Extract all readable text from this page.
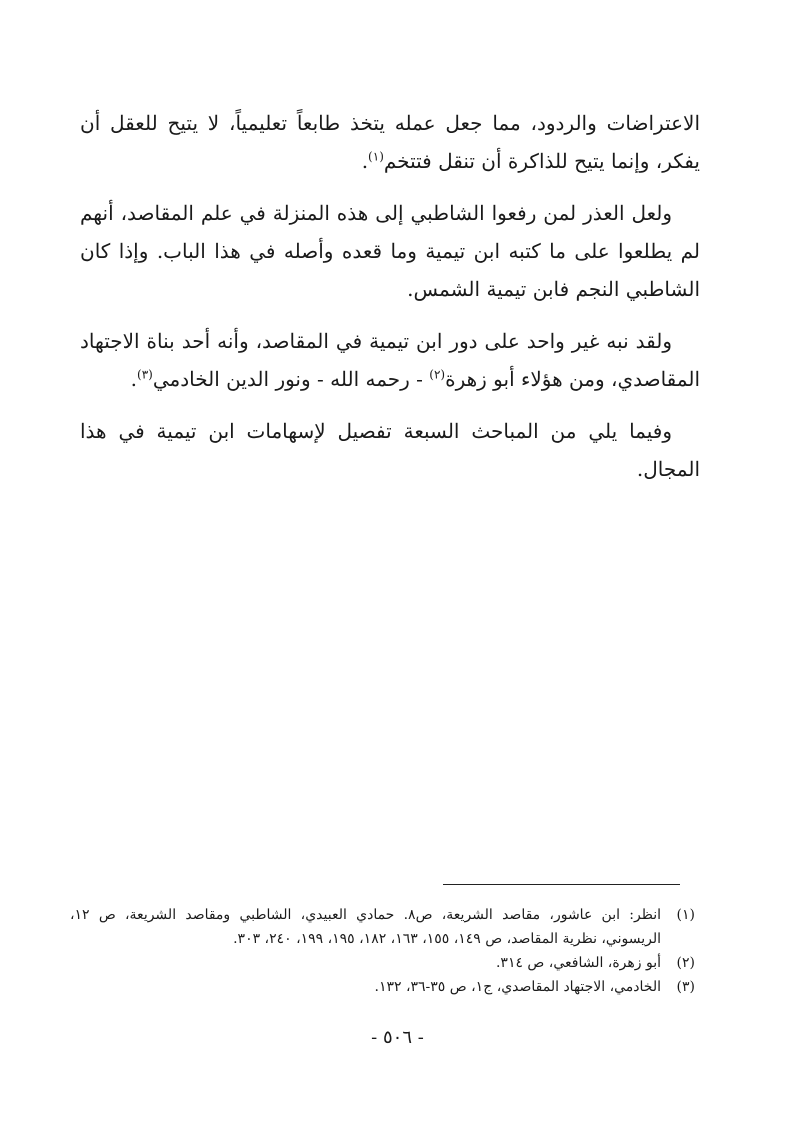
الاعتراضات والردود، مما جعل عمله يتخذ طابعاً تعليمياً، لا يتيح للعقل أن يفكر، وإنما يتيح للذاكرة أن تنقل فتتخم$^{(١)}$.

ولعل العذر لمن رفعوا الشاطبي إلى هذه المنزلة في علم المقاصد، أنهم لم يطلعوا على ما كتبه ابن تيمية وما قعده وأصله في هذا الباب. وإذا كان الشاطبي النجم فابن تيمية الشمس.

ولقد نبه غير واحد على دور ابن تيمية في المقاصد، وأنه أحد بناة الاجتهاد المقاصدي، ومن هؤلاء أبو زهرة$^{(٢)}$ - رحمه الله - ونور الدين الخادمي$^{(٣)}$.

وفيما يلي من المباحث السبعة تفصيل لإسهامات ابن تيمية في هذا المجال.

(١)
انظر: ابن عاشور، مقاصد الشريعة، ص٨. حمادي العبيدي، الشاطبي ومقاصد الشريعة، ص ١٢، الريسوني، نظرية المقاصد، ص ١٤٩، ١٥٥، ١٦٣، ١٨٢، ١٩٥، ١٩٩، ٢٤٠، ٣٠٣.
(٢)
أبو زهرة، الشافعي، ص ٣١٤.
(٣)
الخادمي، الاجتهاد المقاصدي، ج١، ص ٣٥-٣٦، ١٣٢.
- ٥٠٦ -
